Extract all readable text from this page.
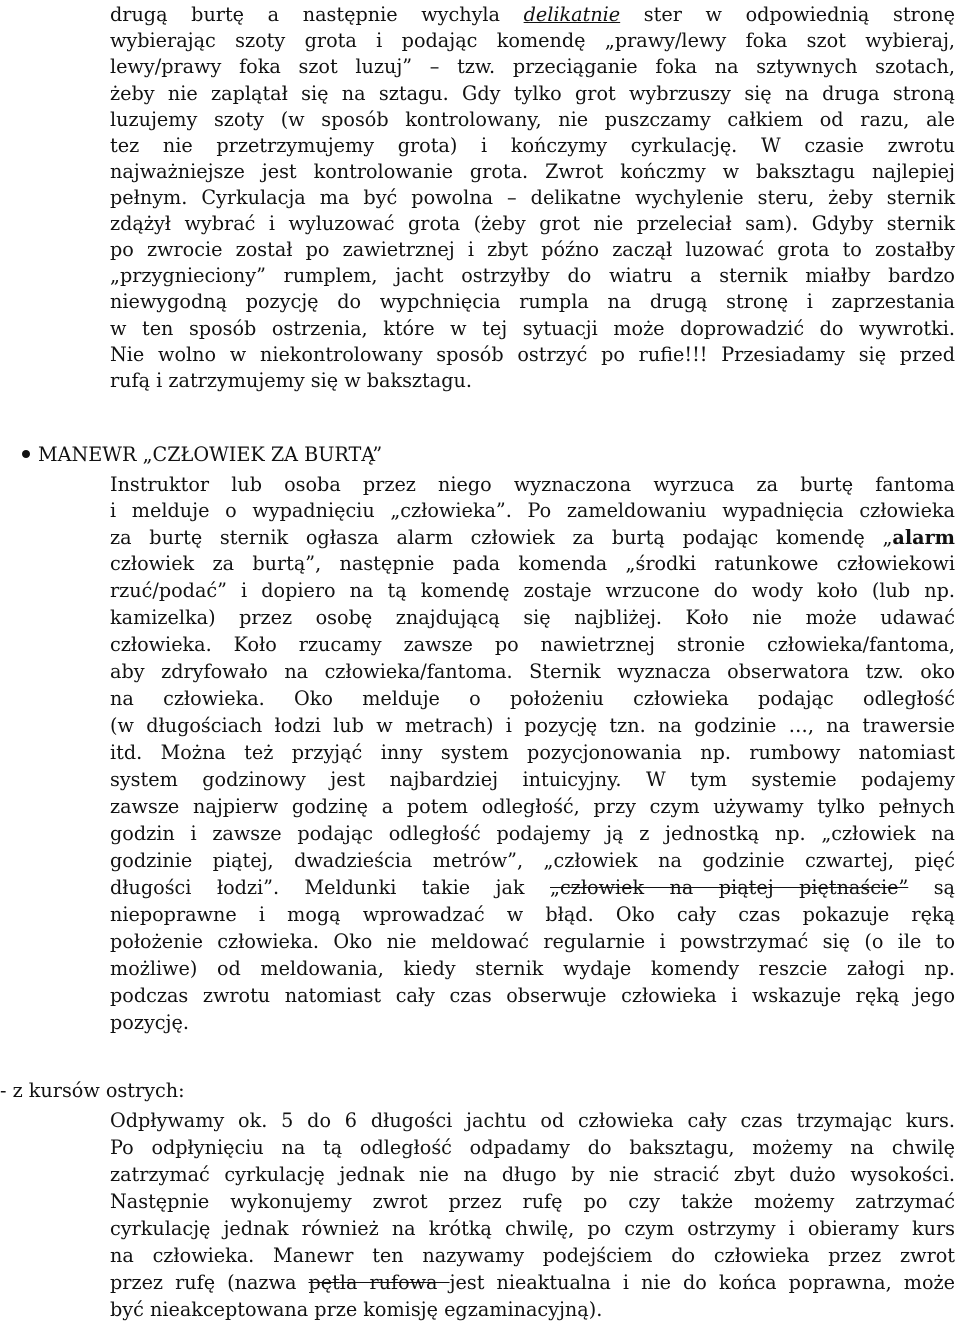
drugą burtę a następnie wychyla delikatnie ster w odpowiednią stronę
wybierając szoty grota i podając komendę „prawy/lewy foka szot wybieraj,
lewy/prawy foka szot luzuj” – tzw. przeciąganie foka na sztywnych szotach,
żeby nie zaplątał się na sztagu. Gdy tylko grot wybrzuszy się na druga stroną
luzujemy szoty (w sposób kontrolowany, nie puszczamy całkiem od razu, ale
tez nie przetrzymujemy grota) i kończymy cyrkulację. W czasie zwrotu
najważniejsze jest kontrolowanie grota. Zwrot kończmy w baksztagu najlepiej
pełnym. Cyrkulacja ma być powolna – delikatne wychylenie steru, żeby sternik
zdążył wybrać i wyluzować grota (żeby grot nie przeleciał sam). Gdyby sternik
po zwrocie został po zawietrznej i zbyt późno zaczął luzować grota to zostałby
„przygnieciony” rumplem, jacht ostrzyłby do wiatru a sternik miałby bardzo
niewygodną pozycję do wypchnięcia rumpla na drugą stronę i zaprzestania
w ten sposób ostrzenia, które w tej sytuacji może doprowadzić do wywrotki.
Nie wolno w niekontrolowany sposób ostrzyć po rufie!!! Przesiadamy się przed
rufą i zatrzymujemy się w baksztagu.
MANEWR „CZŁOWIEK ZA BURTĄ”
Instruktor lub osoba przez niego wyznaczona wyrzuca za burtę fantoma
i melduje o wypadnięciu „człowieka”. Po zameldowaniu wypadnięcia człowieka
za burtę sternik ogłasza alarm człowiek za burtą podając komendę „alarm
człowiek za burtą”, następnie pada komenda „środki ratunkowe człowiekowi
rzuć/podać” i dopiero na tą komendę zostaje wrzucone do wody koło (lub np.
kamizelka) przez osobę znajdującą się najbliżej. Koło nie może udawać
człowieka. Koło rzucamy zawsze po nawietrznej stronie człowieka/fantoma,
aby zdryfowało na człowieka/fantoma. Sternik wyznacza obserwatora tzw. oko
na człowieka. Oko melduje o położeniu człowieka podając odległość
(w długościach łodzi lub w metrach) i pozycję tzn. na godzinie …, na trawersie
itd. Można też przyjąć inny system pozycjonowania np. rumbowy natomiast
system godzinowy jest najbardziej intuicyjny. W tym systemie podajemy
zawsze najpierw godzinę a potem odległość, przy czym używamy tylko pełnych
godzin i zawsze podając odległość podajemy ją z jednostką np. „człowiek na
godzinie piątej, dwadzieścia metrów”, „człowiek na godzinie czwartej, pięć
długości łodzi”. Meldunki takie jak „człowiek na piątej piętnaście” są
niepoprawne i mogą wprowadzać w błąd. Oko cały czas pokazuje ręką
położenie człowieka. Oko nie meldować regularnie i powstrzymać się (o ile to
możliwe) od meldowania, kiedy sternik wydaje komendy reszcie załogi np.
podczas zwrotu natomiast cały czas obserwuje człowieka i wskazuje ręką jego
pozycję.
- z kursów ostrych:
Odpływamy ok. 5 do 6 długości jachtu od człowieka cały czas trzymając kurs.
Po odpłynięciu na tą odległość odpadamy do baksztagu, możemy na chwilę
zatrzymać cyrkulację jednak nie na długo by nie stracić zbyt dużo wysokości.
Następnie wykonujemy zwrot przez rufę po czy także możemy zatrzymać
cyrkulację jednak również na krótką chwilę, po czym ostrzymy i obieramy kurs
na człowieka. Manewr ten nazywamy podejściem do człowieka przez zwrot
przez rufę (nazwa pętla rufowa jest nieaktualna i nie do końca poprawna, może
być nieakceptowana prze komisję egzaminacyjną).
